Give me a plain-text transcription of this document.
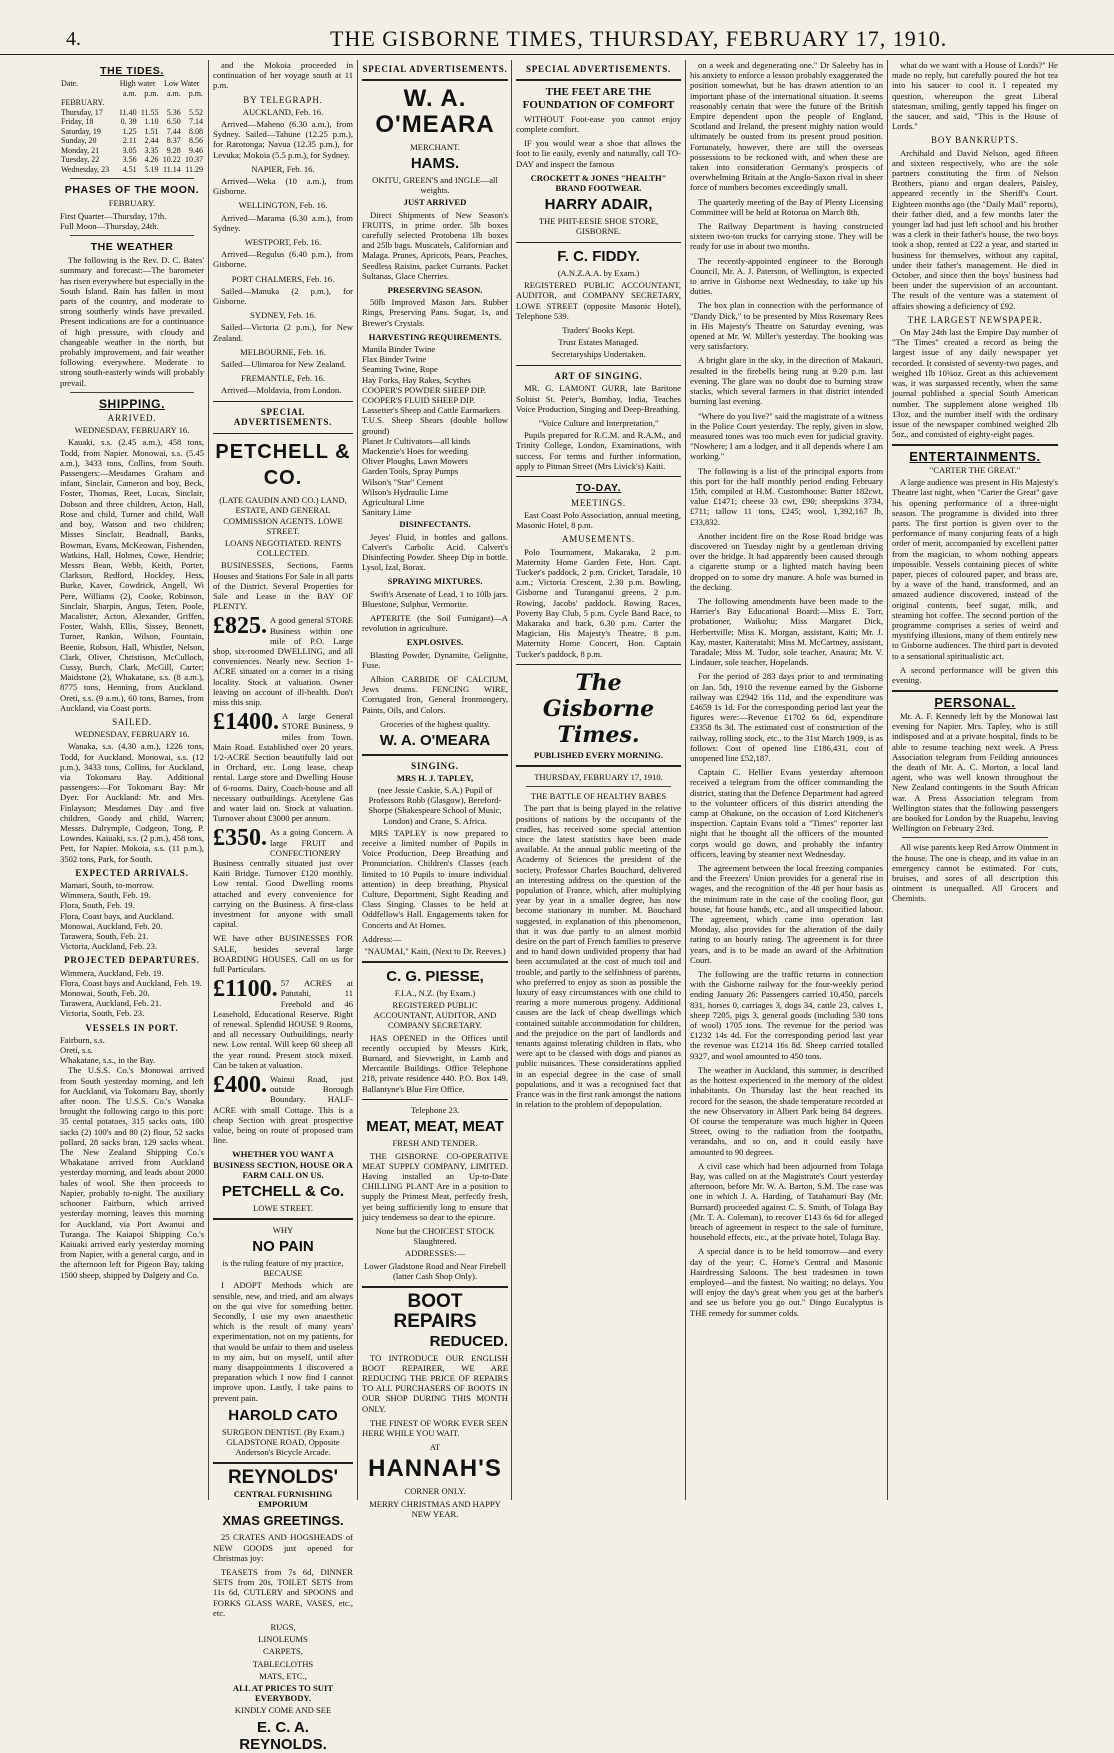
4.	THE GISBORNE TIMES, THURSDAY, FEBRUARY 17, 1910.
THE TIDES.
Date.	High water		Low Water	
	a.m.	p.m.	a.m.	p.m.
FEBRUARY.				
Thursday, 17	11.40	11.55	5.36	5.52
Friday, 18	0. 39	1.10	6.50	7.14
Saturday, 19	1.25	1.51	7.44	8.08
Sunday, 20	2.11	2.44	8.37	8.56
Monday, 21	3.05	3.35	9.28	9.46
Tuesday, 22	3.56	4.26	10.22	10.37
Wednesday, 23	4.51	5.19	11.14	11.29
PHASES OF THE MOON.
FEBRUARY.
First Quarter—Thursday, 17th.
Full Moon—Thursday, 24th.
THE WEATHER

The following is the Rev. D. C. Bates' summary and forecast:—The barometer has risen everywhere but especially in the South Island. Rain has fallen in most parts of the country, and moderate to strong southerly winds have prevailed. Present indications are for a continuance of high pressure, with cloudy and changeable weather in the north, but probably improvement, and fair weather following everywhere. Moderate to strong south-easterly winds will probably prevail.

SHIPPING.
ARRIVED.
WEDNESDAY, FEBRUARY 16.

Kauaki, s.s. (2.45 a.m.), 458 tons, Todd, from Napier. Monowai, s.s. (5.45 a.m.), 3433 tons, Collins, from South. Passengers:—Mesdames Graham and infant, Sinclair, Cameron and boy, Beck, Foster, Thomas, Reet, Lucas, Sinclair, Dobson and three children, Acton, Hall, Rose and child, Turner and child, Wall and boy, Watson and two children; Misses Sinclair, Beadnall, Banks, Bowman, Evans, McKeowan, Fishenden, Watkins, Hall, Holmes, Cowe, Hendrie; Messrs Bean, Webb, Keith, Porter, Clarkson, Redford, Hockley, Hess, Burke, Kaver, Cowdrick, Angell, Wi Pere, Williams (2), Cooke, Robinson, Sinclair, Sharpin, Angus, Teten, Poole, Macalister, Acton, Alexander, Griffen, Foster, Walsh, Ellis, Sissey, Bennett, Turner, Rankin, Wilson, Fountain, Beenie, Robson, Hall, Whistler, Nelson, Clark, Oliver, Christison, McCulloch, Cussy, Burch, Clark, McGill, Carter; Maidstone (2), Whakatane, s.s. (8 a.m.), 8775 tons, Henning, from Auckland. Oreti, s.s. (9 a.m.), 60 tons, Barnes, from Auckland, via Coast ports.

SAILED.
WEDNESDAY, FEBRUARY 16.

Wanaka, s.s. (4.30 a.m.), 1226 tons, Todd, for Auckland. Monowai, s.s. (12 p.m.), 3433 tons, Collins, for Auckland, via Tokomaru Bay. Additional passengers:—For Tokomaru Bay: Mr Dyer. For Auckland: Mr. and Mrs. Finlayson; Mesdames Day and five children, Goody and child, Warren; Messrs. Dalrymple, Codgeon, Tong, P. Lowndes. Kaiuaki, s.s. (2 p.m.), 458 tons, Pett, for Napier. Mokoia, s.s. (11 p.m.), 3502 tons, Park, for South.

EXPECTED ARRIVALS.
Mamari, South, to-morrow.
Wimmera, South, Feb. 19.
Flora, South, Feb. 19.
Flora, Coast bays, and Auckland.
Monowai, Auckland, Feb. 20.
Tarawera, South, Feb. 21.
Victoria, Auckland, Feb. 23.
PROJECTED DEPARTURES.
Wimmera, Auckland, Feb. 19.
Flora, Coast bays and Auckland, Feb. 19.
Monowai, South, Feb. 20.
Tarawera, Auckland, Feb. 21.
Victoria, South, Feb. 23.
VESSELS IN PORT.
Fairburn, s.s.
Oreti, s.s.
Whakatane, s.s., in the Bay.

The U.S.S. Co.'s Monowai arrived from South yesterday morning, and left for Auckland, via Tokomaru Bay, shortly after noon. The U.S.S. Co.'s Wanaka brought the following cargo to this port: 35 cental potatoes, 315 sacks oats, 100 sacks (2) 100's and 80 (2) flour, 52 sacks pollard, 28 sacks bran, 129 sacks wheat. The New Zealand Shipping Co.'s Whakatane arrived from Auckland yesterday morning, and leads about 2000 bales of wool. She then proceeds to Napier, probably to-night. The auxiliary schooner Fairburn, which arrived yesterday morning, leaves this morning for Auckland, via Port Awanui and Turanga. The Kaiapoi Shipping Co.'s Kaiuaki arrived early yesterday morning from Napier, with a general cargo, and in the afternoon left for Pigeon Bay, taking 1500 sheep, shipped by Dalgety and Co.

and the Mokoia proceeded in continuation of her voyage south at 11 p.m.

BY TELEGRAPH.
AUCKLAND, Feb. 16.

Arrived—Maheno (6.30 a.m.), from Sydney. Sailed—Tahune (12.25 p.m.), for Rarotonga; Navua (12.35 p.m.), for Levuka; Mokoia (5.5 p.m.), for Sydney.

NAPIER, Feb. 16.

Arrived—Weka (10 a.m.), from Gisborne.

WELLINGTON, Feb. 16.

Arrived—Marama (6.30 a.m.), from Sydney.

WESTPORT, Feb. 16.

Arrived—Regulus (6.40 p.m.), from Gisborne.

PORT CHALMERS, Feb. 16.

Sailed—Manuka (2 p.m.), for Gisborne.

SYDNEY, Feb. 16.

Sailed—Victoria (2 p.m.), for New Zealand.

MELBOURNE, Feb. 16.

Sailed—Ulimaroa for New Zealand.

FREMANTLE, Feb. 16.

Arrived—Moldavia, from London.

SPECIAL ADVERTISEMENTS.
PETCHELL & CO.
(LATE GAUDIN AND CO.) LAND, ESTATE, AND GENERAL COMMISSION AGENTS. LOWE STREET.
LOANS NEGOTIATED. RENTS COLLECTED.

BUSINESSES, Sections, Farms Houses and Stations For Sale in all parts of the District. Several Properties for Sale and Lease in the BAY OF PLENTY.

£825. A good general STORE Business within one mile of P.O. Large shop, six-roomed DWELLING, and all conveniences. Nearly new. Section 1-ACRE situated on a corner in a rising locality. Stock at valuation. Owner leaving on account of ill-health. Don't miss this snip.

£1400. A large General STORE Business, 9 miles from Town. Main Road. Established over 20 years. 1/2-ACRE Section beautifully laid out in Orchard, etc. Long lease, cheap rental. Large store and Dwelling House of 6-rooms. Dairy, Coach-house and all necessary outbuildings. Acetylene Gas and water laid on. Stock at valuation. Turnover about £3000 per annum.

£350. As a going Concern. A large FRUIT and CONFECTIONERY Business centrally situated just over Kaiti Bridge. Turnover £120 monthly. Low rental. Good Dwelling rooms attached and every convenience for carrying on the Business. A first-class investment for anyone with small capital.

WE have other BUSINESSES FOR SALE, besides several large BOARDING HOUSES. Call on us for full Particulars.

£1100. 57 ACRES at Patutahi, 11 Freehold and 46 Leasehold, Educational Reserve. Right of renewal. Splendid HOUSE 9 Rooms, and all necessary Outbuildings, nearly new. Low rental. Will keep 60 sheep all the year round. Present stock mixed. Can be taken at valuation.

£400. Wainui Road, just outside Borough Boundary. HALF-ACRE with small Cottage. This is a cheap Section with great prospective value, being on route of proposed tram line.

WHETHER YOU WANT A BUSINESS SECTION, HOUSE OR A FARM CALL ON US.
PETCHELL & Co.
LOWE STREET.
WHY
NO PAIN
is the ruling feature of my practice, BECAUSE

I ADOPT Methods which are sensible, new, and tried, and am always on the qui vive for something better. Secondly, I use my own anaesthetic which is the result of many years' experimentation, not on my patients, for that would be unfair to them and useless to my aim, but on myself, until after many disappointments I discovered a preparation which I now find I cannot improve upon. Lastly, I take pains to prevent pain.

HAROLD CATO
SURGEON DENTIST. (By Exam.) GLADSTONE ROAD, Opposite Anderson's Bicycle Arcade.
REYNOLDS'
CENTRAL FURNISHING EMPORIUM
XMAS GREETINGS.

25 CRATES AND HOGSHEADS of NEW GOODS just opened for Christmas joy:

TEASETS from 7s 6d, DINNER SETS from 20s, TOILET SETS from 11s 6d, CUTLERY and SPOONS and FORKS GLASS WARE, VASES, etc., etc.

RUGS,
LINOLEUMS
CARPETS,
TABLECLOTHS
MATS, ETC.,
ALL AT PRICES TO SUIT EVERYBODY.
KINDLY COME AND SEE
E. C. A. REYNOLDS.
SPECIAL ADVERTISEMENTS.
W. A. O'MEARA
MERCHANT.
HAMS.
OKITU, GREEN'S and INGLE—all weights.
JUST ARRIVED

Direct Shipments of New Season's FRUITS, in prime order. 5lb boxes carefully selected Protobena 1lb boxes and 25lb bags. Muscatels, Californian and Malaga. Prunes, Apricots, Pears, Peaches, Seedless Raisins, packet Currants. Packet Sultanas, Glace Cherries.

PRESERVING SEASON.

50lb Improved Mason Jars. Rubber Rings, Preserving Pans. Sugar, 1s, and Brewer's Crystals.

HARVESTING REQUIREMENTS.
Manila Binder Twine
Flax Binder Twine
Seaming Twine, Rope
Hay Forks, Hay Rakes, Scythes
COOPER'S POWDER SHEEP DIP.
COOPER'S FLUID SHEEP DIP.
Lassetter's Sheep and Cattle Earmarkers
T.U.S. Sheep Shears (double hollow ground)
Planet Jr Cultivators—all kinds
Mackenzie's Hoes for weeding
Oliver Ploughs, Lawn Mowers
Garden Tools, Spray Pumps
Wilson's "Star" Cement
Wilson's Hydraulic Lime
Agricultural Lime
Sanitary Lime
DISINFECTANTS.

Jeyes' Fluid, in bottles and gallons. Calvert's Carbolic Acid. Calvert's Disinfecting Powder. Sheep Dip in bottle. Lysol, Izal, Borax.

SPRAYING MIXTURES.

Swift's Arsenate of Lead, 1 to 10lb jars. Bluestone, Sulphur, Vermorite.

APTERITE (the Soil Fumigant)—A revolution in agriculture.

EXPLOSIVES.

Blasting Powder, Dynamite, Gelignite, Fuse.

Albion CARBIDE OF CALCIUM, Jews drums. FENCING WIRE, Corrugated Iron, General Ironmongery, Paints, Oils, and Colors.

Groceries of the highest quality.
W. A. O'MEARA
SINGING.
MRS H. J. TAPLEY,
(nee Jessie Caskie, S.A.) Pupil of Professors Robb (Glasgow), Bereford-Shorpe (Shakespeare School of Music, London) and Crane, S. Africa.

MRS TAPLEY is now prepared to receive a limited number of Pupils in Voice Production, Deep Breathing and Pronunciation. Children's Classes (each limited to 10 Pupils to insure individual attention) in deep breathing, Physical Culture, Deportment, Sight Reading and Class Singing. Classes to be held at Oddfellow's Hall. Engagements taken for Concerts and At Homes.

Address:—
"NAUMAI," Kaiti, (Next to Dr. Reeves.)
C. G. PIESSE,
F.I.A., N.Z. (by Exam.)
REGISTERED PUBLIC ACCOUNTANT, AUDITOR, AND COMPANY SECRETARY.

HAS OPENED in the Offices until recently occupied by Messrs Kirk, Burnard, and Sievwright, in Lamb and Mercantile Buildings. Office Telephone 218, private residence 440. P.O. Box 149. Ballantyne's Blue Fire Office.

Telephone 23.
MEAT, MEAT, MEAT
FRESH AND TENDER.

THE GISBORNE CO-OPERATIVE MEAT SUPPLY COMPANY, LIMITED. Having installed an Up-to-Date CHILLING PLANT Are in a position to supply the Primest Meat, perfectly fresh, yet being sufficiently long to ensure that juicy tenderness so dear to the epicure.

None but the CHOICEST STOCK Slaughtered.
ADDRESSES:—
Lower Gladstone Road and Near Firebell (latter Cash Shop Only).
BOOT
REPAIRS
REDUCED.

TO INTRODUCE OUR ENGLISH BOOT REPAIRER, WE ARE REDUCING THE PRICE OF REPAIRS TO ALL PURCHASERS OF BOOTS IN OUR SHOP DURING THIS MONTH ONLY.

THE FINEST OF WORK EVER SEEN HERE WHILE YOU WAIT.

AT
HANNAH'S
CORNER ONLY.
MERRY CHRISTMAS AND HAPPY NEW YEAR.
SPECIAL ADVERTISEMENTS.
THE FEET ARE THE FOUNDATION OF COMFORT

WITHOUT Foot-ease you cannot enjoy complete comfort.

IF you would wear a shoe that allows the foot to lie easily, evenly and naturally, call TO-DAY and inspect the famous

CROCKETT & JONES "HEALTH" BRAND FOOTWEAR.
HARRY ADAIR,
THE PHIT-EESIE SHOE STORE, GISBORNE.
F. C. FIDDY.
(A.N.Z.A.A. by Exam.)

REGISTERED PUBLIC ACCOUNTANT, AUDITOR, and COMPANY SECRETARY, LOWE STREET (opposite Masonic Hotel), Telephone 539.

Traders' Books Kept.
Trust Estates Managed.
Secretaryships Undertaken.
ART OF SINGING.

MR. G. LAMONT GURR, late Baritone Soloist St. Peter's, Bombay, India, Teaches Voice Production, Singing and Deep-Breathing.

"Voice Culture and Interpretation,"

Pupils prepared for R.C.M. and R.A.M., and Trinity College, London, Examinations, with success. For terms and further information, apply to Pitman Street (Mrs Livick's) Kaiti.

TO-DAY.
MEETINGS.

East Coast Polo Association, annual meeting, Masonic Hotel, 8 p.m.

AMUSEMENTS.

Polo Tournament, Makaraka, 2 p.m. Maternity Home Garden Fete, Hon. Capt. Tucker's paddock, 2 p.m. Cricket, Taradale, 10 a.m.; Victoria Crescent, 2.30 p.m. Bowling, Gisborne and Turanganui greens, 2 p.m. Rowing, Jacobs' paddock. Rowing Races, Poverty Bay Club, 5 p.m. Cycle Band Race, to Makaraka and back, 6.30 p.m. Carter the Magician, His Majesty's Theatre, 8 p.m. Maternity Home Concert, Hon. Captain Tucker's paddock, 8 p.m.

The Gisborne Times.
PUBLISHED EVERY MORNING.
THURSDAY, FEBRUARY 17, 1910.
THE BATTLE OF HEALTHY BABES

The part that is being played in the relative positions of nations by the occupants of the cradles, has received some special attention since the latest statistics have been made available. At the annual public meeting of the Academy of Sciences the president of the society, Professor Charles Bouchard, delivered an interesting address on the question of the population of France, which, after multiplying year by year in a smaller degree, has now become stationary in number. M. Bouchard suggested, in explanation of this phenomenon, that it was due partly to an almost morbid desire on the part of French families to preserve and to hand down undivided property that had been accumulated at the cost of much toil and trouble, and partly to the selfishness of parents, who preferred to enjoy as soon as possible the luxury of easy circumstances with one child to rearing a more numerous progeny. Additional causes are the lack of cheap dwellings which contained suitable accommodation for children, and the prejudice on the part of landlords and tenants against tolerating children in flats, who were apt to be classed with dogs and pianos as public nuisances. These considerations applied in an especial degree in the case of small populations, and it was a recognised fact that France was in the first rank amongst the nations in relation to the problem of depopulation.

on a week and degenerating one." Dr Saleeby has in his anxiety to enforce a lesson probably exaggerated the position somewhat, but he has drawn attention to an important phase of the international situation. It seems reasonably certain that were the future of the British Empire dependent upon the people of England, Scotland and Ireland, the present mighty nation would ultimately be ousted from its present proud position. Fortunately, however, there are still the overseas possessions to be reckoned with, and when these are taken into consideration Germany's prospects of overwhelming Britain at the Anglo-Saxon rival in sheer force of numbers becomes exceedingly small.

The quarterly meeting of the Bay of Plenty Licensing Committee will be held at Rotorua on March 8th.

The Railway Department is having constructed sixteen two-ton trucks for carrying stone. They will be ready for use in about two months.

The recently-appointed engineer to the Borough Council, Mr. A. J. Paterson, of Wellington, is expected to arrive in Gisborne next Wednesday, to take up his duties.

The box plan in connection with the performance of "Dandy Dick," to be presented by Miss Rosemary Rees in His Majesty's Theatre on Saturday evening, was opened at Mr. W. Miller's yesterday. The booking was very satisfactory.

A bright glare in the sky, in the direction of Makauri, resulted in the firebells being rung at 9.20 p.m. last evening. The glare was no doubt due to burning straw stacks, which several farmers in that district intended burning last evening.

"Where do you live?" said the magistrate of a witness in the Police Court yesterday. The reply, given in slow, measured tones was too much even for judicial gravity. "Nowhere; I am a lodger, and it all depends where I am working."

The following is a list of the principal exports from this port for the half monthly period ending February 15th, compiled at H.M. Customhouse: Butter 182cwt, value £1471; cheese 33 cwt, £90; sheepskins 3734, £711; tallow 11 tons, £245; wool, 1,392,167 lb, £33,832.

Another incident fire on the Rose Road bridge was discovered on Tuesday night by a gentleman driving over the bridge. It had apparently been caused through a cigarette stump or a lighted match having been dropped on to some dry manure. A hole was burned in the decking.

The following amendments have been made to the Harrier's Bay Educational Board:—Miss E. Torr, probationer, Waikohu; Miss Margaret Dick, Herbertville; Miss K. Morgan, assistant, Kaiti; Mr. J. Kay, master, Kaiteratahi; Miss M. McCartney, assistant, Taradale; Miss M. Tudor, sole teacher, Anaura; Mr. V. Lindauer, sole teacher, Hopelands.

For the period of 283 days prior to and terminating on Jan. 5th, 1910 the revenue earned by the Gisborne railway was £2942 16s 11d, and the expenditure was £4659 1s 1d. For the corresponding period last year the figures were:—Revenue £1702 6s 6d, expenditure £3358 8s 3d. The estimated cost of construction of the railway, rolling stock, etc., to the 31st March 1909, is as follows: Cost of opened line £186,431, cost of unopened line £52,187.

Captain C. Hellier Evans yesterday afternoon received a telegram from the officer commanding the district, stating that the Defence Department had agreed to the volunteer officers of this district attending the camp at Ohakune, on the occasion of Lord Kitchener's inspection. Captain Evans told a "Times" reporter last night that he thought all the officers of the mounted corps would go down, and probably the infantry officers, leaving by steamer next Wednesday.

The agreement between the local freezing companies and the Freezers' Union provides for a general rise in wages, and the recognition of the 48 per hour basis as the minimum rate in the case of the cooling floor, gut house, fat house hands, etc., and all unspecified labour. The agreement, which came into operation last Monday, also provides for the alteration of the daily rating to an hourly rating. The agreement is for three years, and is to be made an award of the Arbitration Court.

The following are the traffic returns in connection with the Gisborne railway for the four-weekly period ending January 26: Passengers carried 10,450, parcels 831, horses 0, carriages 3, dogs 34, cattle 23, calves 1, sheep 7205, pigs 3, general goods (including 530 tons of wool) 1705 tons. The revenue for the period was £1232 14s 4d. For the corresponding period last year the revenue was £1214 16s 8d. Sheep carried totalled 9327, and wool amounted to 450 tons.

The weather in Auckland, this summer, is described as the hottest experienced in the memory of the oldest inhabitants. On Thursday last the heat reached its record for the season, the shade temperature recorded at the new Observatory in Albert Park being 84 degrees. Of course the temperature was much higher in Queen Street, owing to the radiation from the footpaths, verandahs, and so on, and it could easily have amounted to 90 degrees.

A civil case which had been adjourned from Tolaga Bay, was called on at the Magistrate's Court yesterday afternoon, before Mr. W. A. Barton, S.M. The case was one in which J. A. Harding, of Tatahamuri Bay (Mr. Burnard) proceeded against C. S. Smith, of Tolaga Bay (Mr. T. A. Coleman), to recover £143 6s 6d for alleged breach of agreement in respect to the sale of furniture, household effects, etc., at the private hotel, Tolaga Bay.

A special dance is to be held tomorrow—and every day of the year; C. Horne's Central and Masonic Hairdressing Saloons. The best tradesmen in town employed—and the fastest. No waiting; no delays. You will enjoy the day's great when you get at the barber's and see us before you go out." Dingo Eucalyptus is THE remedy for summer colds.

what do we want with a House of Lords?" He made no reply, but carefully poured the hot tea into his saucer to cool it. I repeated my question, whereupon the great Liberal statesman, smiling, gently tapped his finger on the saucer, and said, "This is the House of Lords."

BOY BANKRUPTS.

Archibald and David Nelson, aged fifteen and sixteen respectively, who are the sole partners constituting the firm of Nelson Brothers, piano and organ dealers, Paisley, appeared recently in the Sheriff's Court. Eighteen months ago (the "Daily Mail" reports), their father died, and a few months later the younger lad had just left school and his brother was a clerk in their father's house, the two boys took a shop, rented at £22 a year, and started in business for themselves, without any capital, under their father's management. He died in October, and since then the boys' business had been under the supervision of an accountant. The result of the venture was a statement of affairs showing a deficiency of £92.

THE LARGEST NEWSPAPER.

On May 24th last the Empire Day number of "The Times" created a record as being the largest issue of any daily newspaper yet recorded. It consisted of seventy-two pages, and weighed 1lb 10¾oz. Great as this achievement was, it was surpassed recently, when the same journal published a special South American number. The supplement alone weighed 1lb 13oz, and the number itself with the ordinary issue of the newspaper combined weighed 2lb 5oz., and consisted of eighty-eight pages.

ENTERTAINMENTS.
"CARTER THE GREAT."

A large audience was present in His Majesty's Theatre last night, when "Carter the Great" gave his opening performance of a three-night season. The programme is divided into three parts. The first portion is given over to the performance of many conjuring feats of a high order of merit, accompanied by excellent patter from the magician, to whom nothing appears impossible. Vessels containing pieces of white paper, pieces of coloured paper, and brass are, by a wave of the hand, transformed, and an amazed audience discovered, instead of the original contents, beef sugar, milk, and steaming hot coffee. The second portion of the programme comprises a series of weird and mystifying illusions, many of them entirely new to Gisborne audiences. The third part is devoted to a sensational spiritualistic act.

A second performance will be given this evening.

PERSONAL.

Mr. A. F. Kennedy left by the Monowai last evening for Napier. Mrs. Tapley, who is still indisposed and at a private hospital, finds to be able to resume teaching next week. A Press Association telegram from Feilding announces the death of Mr. A. C. Morton, a local land agent, who was well known throughout the New Zealand contingents in the South African war. A Press Association telegram from Wellington states that the following passengers are booked for London by the Ruapehu, leaving Wellington on February 23rd.

All wise parents keep Red Arrow Ointment in the house. The one is cheap, and its value in an emergency cannot be estimated. For cuts, bruises, and sores of all description this ointment is unequalled. All Grocers and Chemists.
